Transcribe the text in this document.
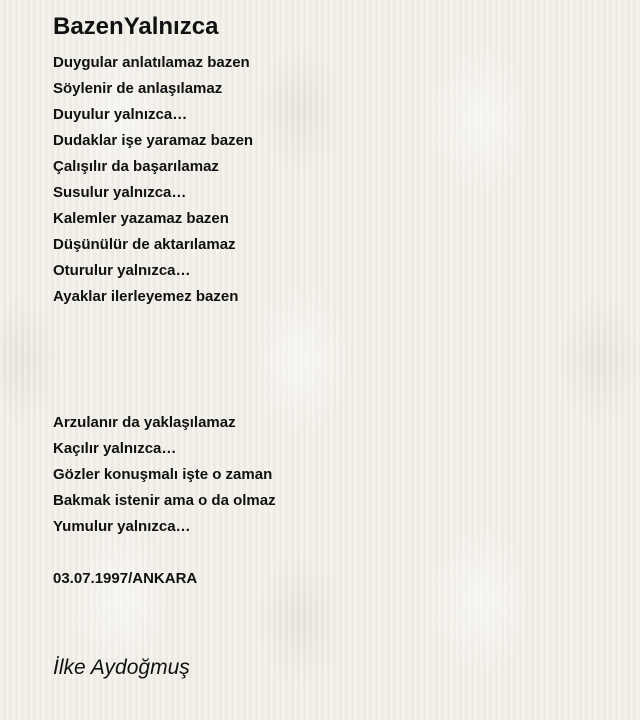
BazenYalnızca
Duygular anlatılamaz bazen
Söylenir de anlaşılamaz
Duyulur yalnızca…
Dudaklar işe yaramaz bazen
Çalışılır da başarılamaz
Susulur yalnızca…
Kalemler yazamaz bazen
Düşünülür de aktarılamaz
Oturulur yalnızca…
Ayaklar ilerleyemez bazen
Arzulanır da yaklaşılamaz
Kaçılır yalnızca…
Gözler konuşmalı işte o zaman
Bakmak istenir ama o da olmaz
Yumulur yalnızca…
03.07.1997/ANKARA
İlke Aydoğmuş
